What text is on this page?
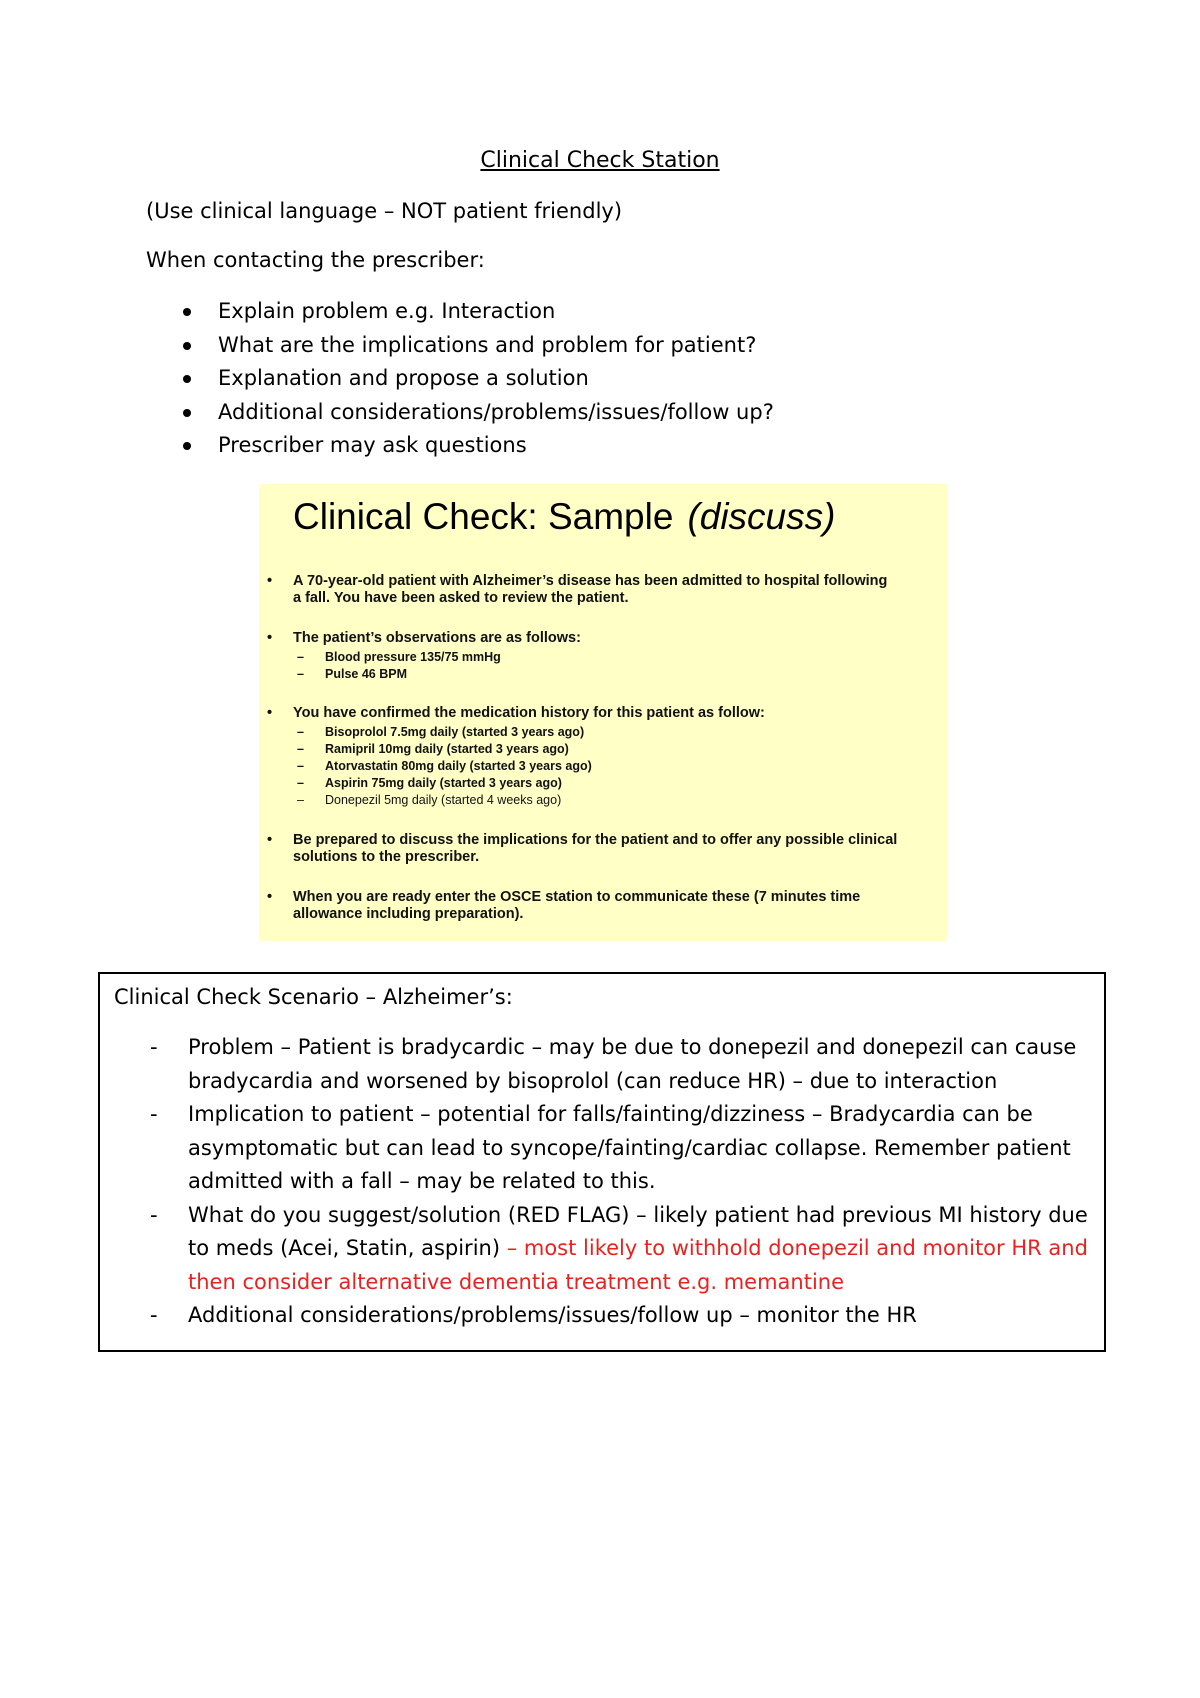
Clinical Check Station
(Use clinical language – NOT patient friendly)
When contacting the prescriber:
Explain problem e.g. Interaction
What are the implications and problem for patient?
Explanation and propose a solution
Additional considerations/problems/issues/follow up?
Prescriber may ask questions
Clinical Check: Sample (discuss)
• A 70-year-old patient with Alzheimer’s disease has been admitted to hospital following a fall. You have been asked to review the patient.
• The patient’s observations are as follows:
– Blood pressure 135/75 mmHg
– Pulse 46 BPM
• You have confirmed the medication history for this patient as follow:
– Bisoprolol 7.5mg daily (started 3 years ago)
– Ramipril 10mg daily (started 3 years ago)
– Atorvastatin 80mg daily (started 3 years ago)
– Aspirin 75mg daily (started 3 years ago)
– Donepezil 5mg daily (started 4 weeks ago)
• Be prepared to discuss the implications for the patient and to offer any possible clinical solutions to the prescriber.
• When you are ready enter the OSCE station to communicate these (7 minutes time allowance including preparation).
Clinical Check Scenario – Alzheimer’s:
- Problem – Patient is bradycardic – may be due to donepezil and donepezil can cause bradycardia and worsened by bisoprolol (can reduce HR) – due to interaction
- Implication to patient – potential for falls/fainting/dizziness – Bradycardia can be asymptomatic but can lead to syncope/fainting/cardiac collapse. Remember patient admitted with a fall – may be related to this.
- What do you suggest/solution (RED FLAG) – likely patient had previous MI history due to meds (Acei, Statin, aspirin) – most likely to withhold donepezil and monitor HR and then consider alternative dementia treatment e.g. memantine
- Additional considerations/problems/issues/follow up – monitor the HR
